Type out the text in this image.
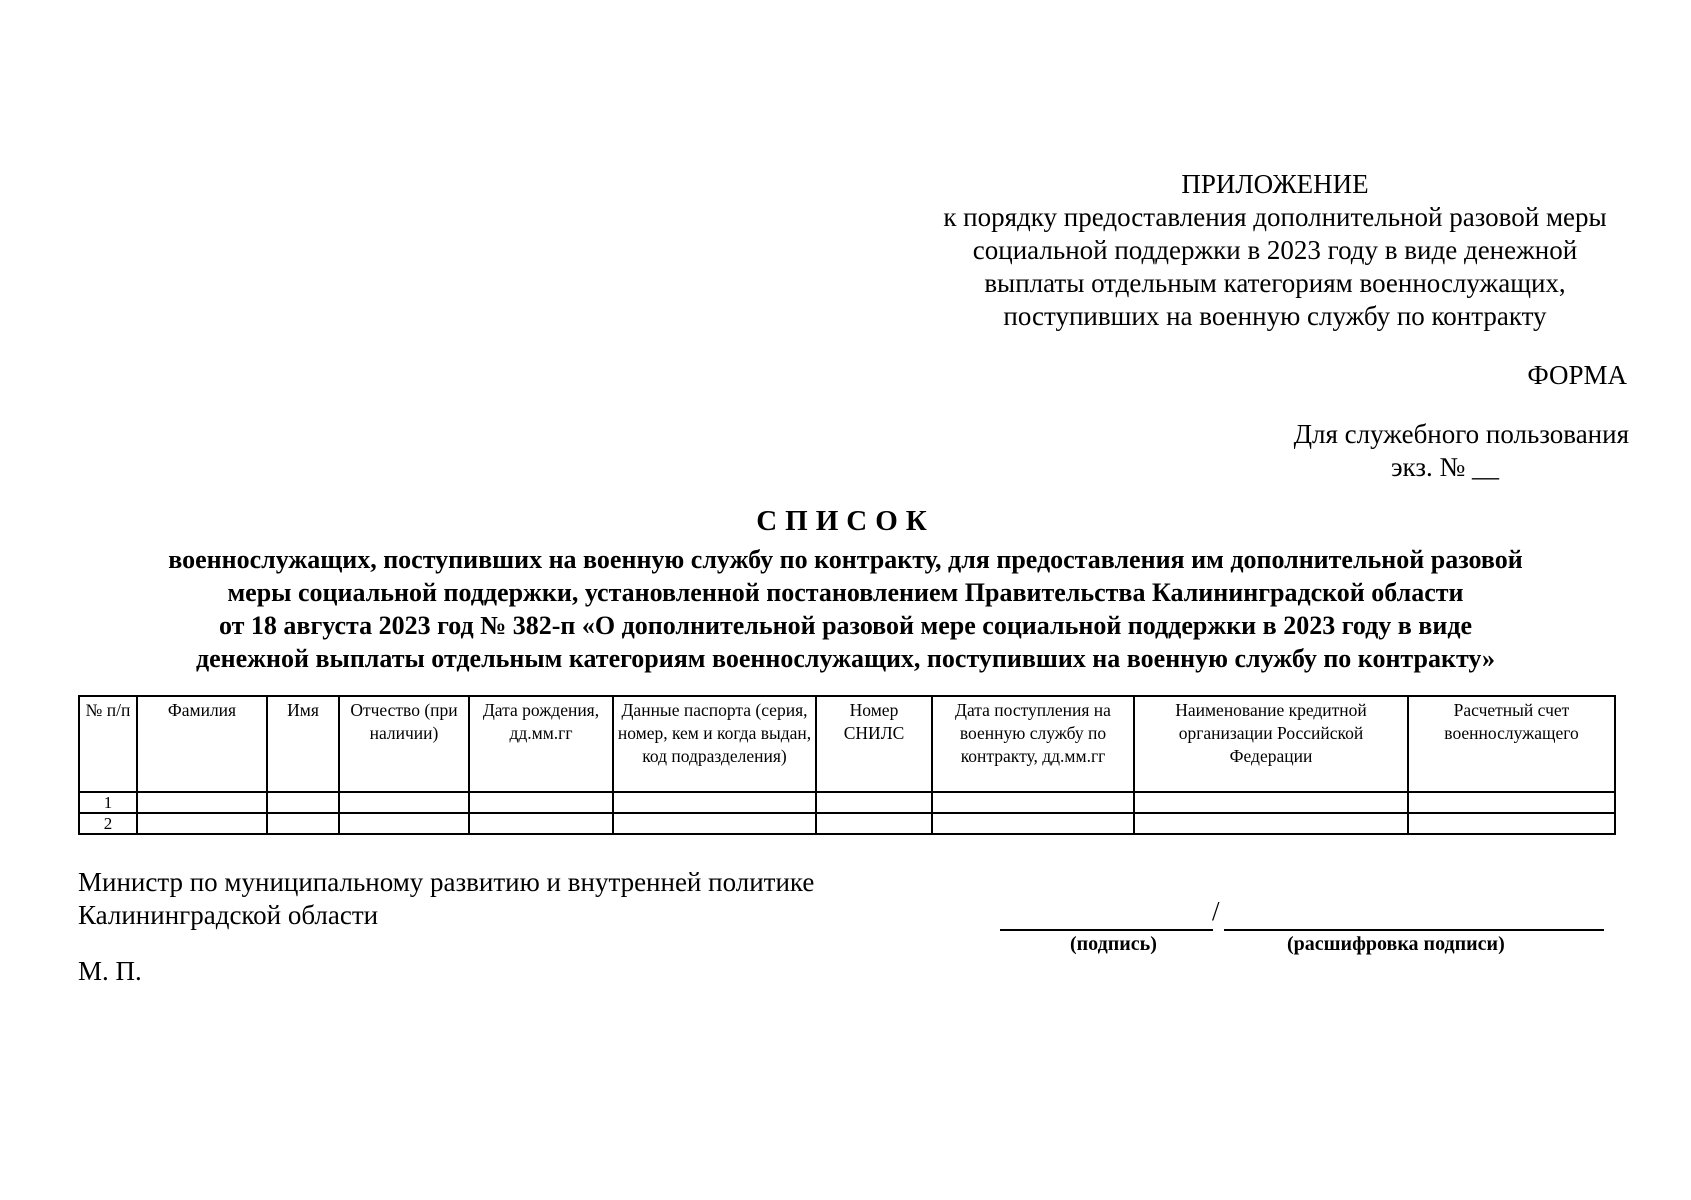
ПРИЛОЖЕНИЕ
к порядку предоставления дополнительной разовой меры
социальной поддержки в 2023 году в виде денежной
выплаты отдельным категориям военнослужащих,
поступивших на военную службу по контракту
ФОРМА
Для служебного пользования
экз. № __
СПИСОК
военнослужащих, поступивших на военную службу по контракту, для предоставления им дополнительной разовой
меры социальной поддержки, установленной постановлением Правительства Калининградской области
от 18 августа 2023 год № 382-п «О дополнительной разовой мере социальной поддержки в 2023 году в виде
денежной выплаты отдельным категориям военнослужащих, поступивших на военную службу по контракту»
№ п/п	Фамилия	Имя	Отчество (при наличии)	Дата рождения, дд.мм.гг	Данные паспорта (серия, номер, кем и когда выдан, код подразделения)	Номер СНИЛС	Дата поступления на военную службу по контракту, дд.мм.гг	Наименование кредитной организации Российской Федерации	Расчетный счет военнослужащего
1									
2									
Министр по муниципальному развитию и внутренней политике
Калининградской области	/
(подпись)	(расшифровка подписи)
М. П.
